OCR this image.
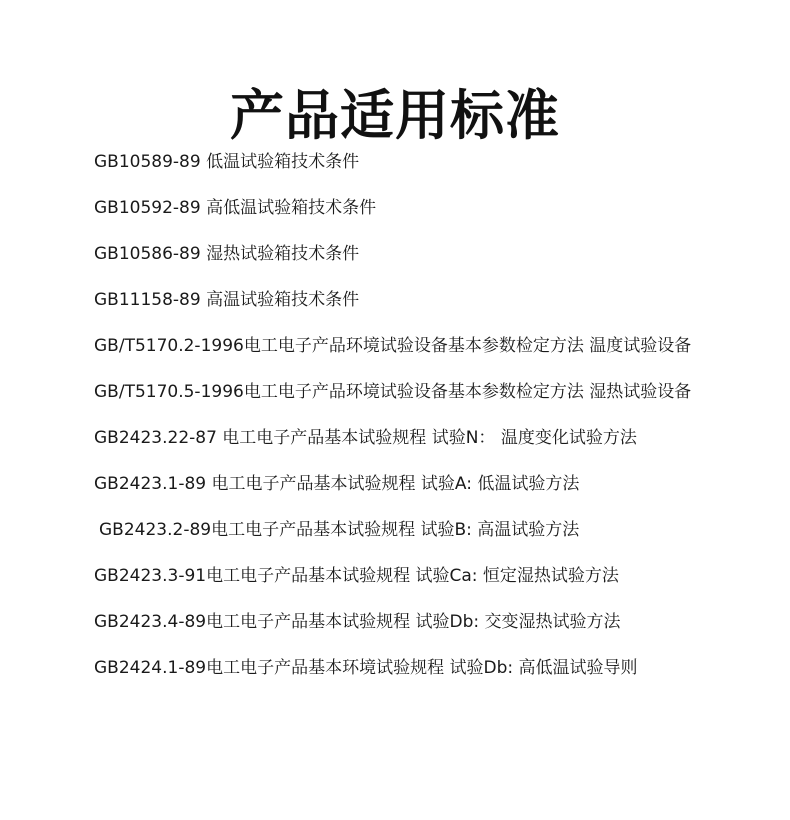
产品适用标准
GB10589-89 低温试验箱技术条件
GB10592-89 高低温试验箱技术条件
GB10586-89 湿热试验箱技术条件
GB11158-89 高温试验箱技术条件
GB/T5170.2-1996电工电子产品环境试验设备基本参数检定方法 温度试验设备
GB/T5170.5-1996电工电子产品环境试验设备基本参数检定方法 湿热试验设备
GB2423.22-87 电工电子产品基本试验规程 试验N： 温度变化试验方法
GB2423.1-89 电工电子产品基本试验规程 试验A: 低温试验方法
GB2423.2-89电工电子产品基本试验规程 试验B: 高温试验方法
GB2423.3-91电工电子产品基本试验规程 试验Ca: 恒定湿热试验方法
GB2423.4-89电工电子产品基本试验规程 试验Db: 交变湿热试验方法
GB2424.1-89电工电子产品基本环境试验规程 试验Db: 高低温试验导则
